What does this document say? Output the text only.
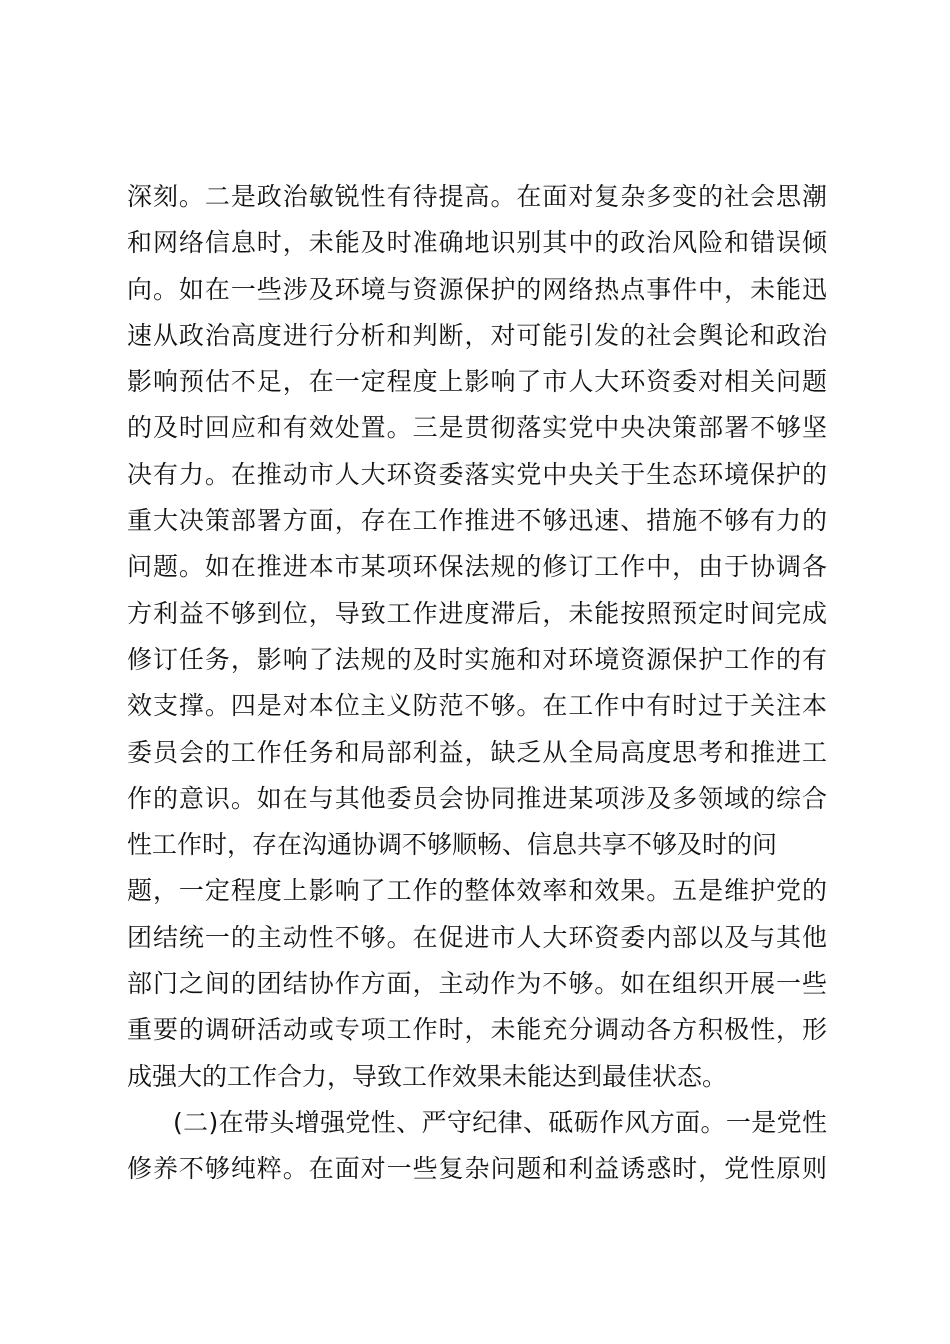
深刻。二是政治敏锐性有待提高。在面对复杂多变的社会思潮
和网络信息时，未能及时准确地识别其中的政治风险和错误倾
向。如在一些涉及环境与资源保护的网络热点事件中，未能迅
速从政治高度进行分析和判断，对可能引发的社会舆论和政治
影响预估不足，在一定程度上影响了市人大环资委对相关问题
的及时回应和有效处置。三是贯彻落实党中央决策部署不够坚
决有力。在推动市人大环资委落实党中央关于生态环境保护的
重大决策部署方面，存在工作推进不够迅速、措施不够有力的
问题。如在推进本市某项环保法规的修订工作中，由于协调各
方利益不够到位，导致工作进度滞后，未能按照预定时间完成
修订任务，影响了法规的及时实施和对环境资源保护工作的有
效支撑。四是对本位主义防范不够。在工作中有时过于关注本
委员会的工作任务和局部利益，缺乏从全局高度思考和推进工
作的意识。如在与其他委员会协同推进某项涉及多领域的综合
性工作时，存在沟通协调不够顺畅、信息共享不够及时的问
题，一定程度上影响了工作的整体效率和效果。五是维护党的
团结统一的主动性不够。在促进市人大环资委内部以及与其他
部门之间的团结协作方面，主动作为不够。如在组织开展一些
重要的调研活动或专项工作时，未能充分调动各方积极性，形
成强大的工作合力，导致工作效果未能达到最佳状态。
(二)在带头增强党性、严守纪律、砥砺作风方面。一是党性
修养不够纯粹。在面对一些复杂问题和利益诱惑时，党性原则
